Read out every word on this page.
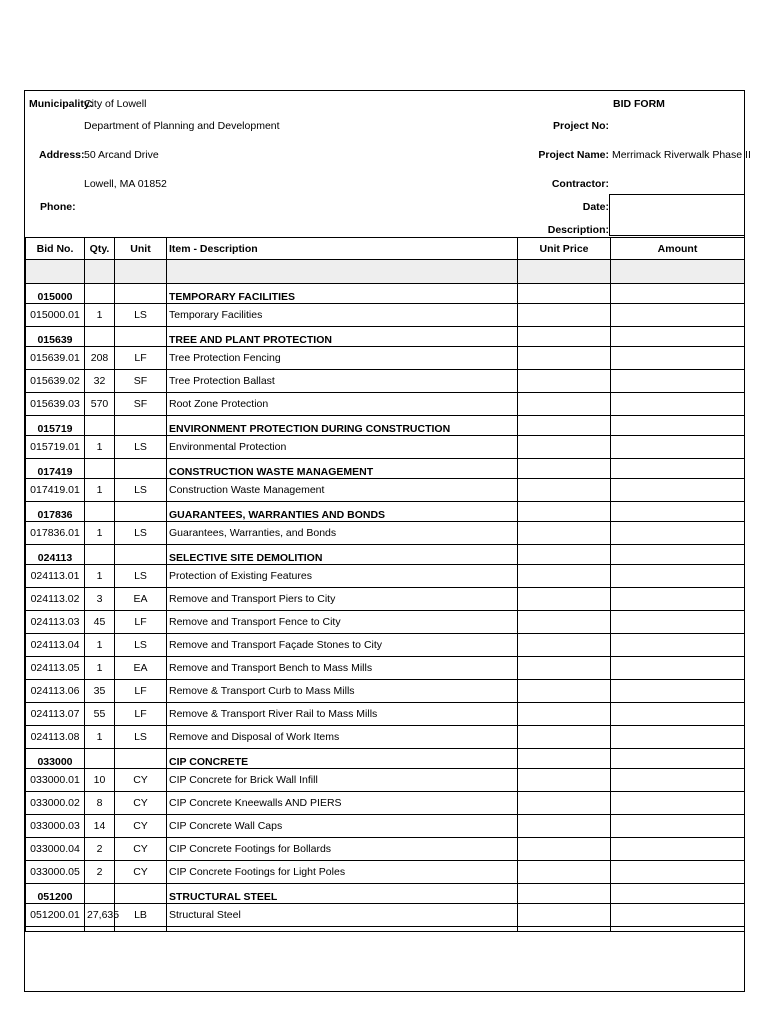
Municipality:
City of Lowell
Department of Planning and Development
Address: 50 Arcand Drive
Lowell, MA 01852
Phone:
BID FORM
Project No:
Project Name: Merrimack Riverwalk Phase II
Contractor:
Date:
Description:
Bid No.	Qty.	Unit	Item - Description	Unit Price	Amount

015000			TEMPORARY FACILITIES		
015000.01	1	LS	Temporary Facilities		

015639			TREE AND PLANT PROTECTION		
015639.01	208	LF	Tree Protection Fencing		
015639.02	32	SF	Tree Protection Ballast		
015639.03	570	SF	Root Zone Protection		

015719			ENVIRONMENT PROTECTION DURING CONSTRUCTION		
015719.01	1	LS	Environmental Protection		

017419			CONSTRUCTION WASTE MANAGEMENT		
017419.01	1	LS	Construction Waste Management		

017836			GUARANTEES, WARRANTIES AND BONDS		
017836.01	1	LS	Guarantees, Warranties, and Bonds		

024113			SELECTIVE SITE DEMOLITION		
024113.01	1	LS	Protection of Existing Features		
024113.02	3	EA	Remove and Transport Piers to City		
024113.03	45	LF	Remove and Transport Fence to City		
024113.04	1	LS	Remove and Transport Façade Stones to City		
024113.05	1	EA	Remove and Transport Bench to Mass Mills		
024113.06	35	LF	Remove & Transport Curb to Mass Mills		
024113.07	55	LF	Remove & Transport River Rail to Mass Mills		
024113.08	1	LS	Remove and Disposal of Work Items		

033000			CIP CONCRETE		
033000.01	10	CY	CIP Concrete for Brick Wall Infill		
033000.02	8	CY	CIP Concrete Kneewalls AND PIERS		
033000.03	14	CY	CIP Concrete Wall Caps		
033000.04	2	CY	CIP Concrete Footings for Bollards		
033000.05	2	CY	CIP Concrete Footings for Light Poles		

051200			STRUCTURAL STEEL		
051200.01	27,635	LB	Structural Steel		
